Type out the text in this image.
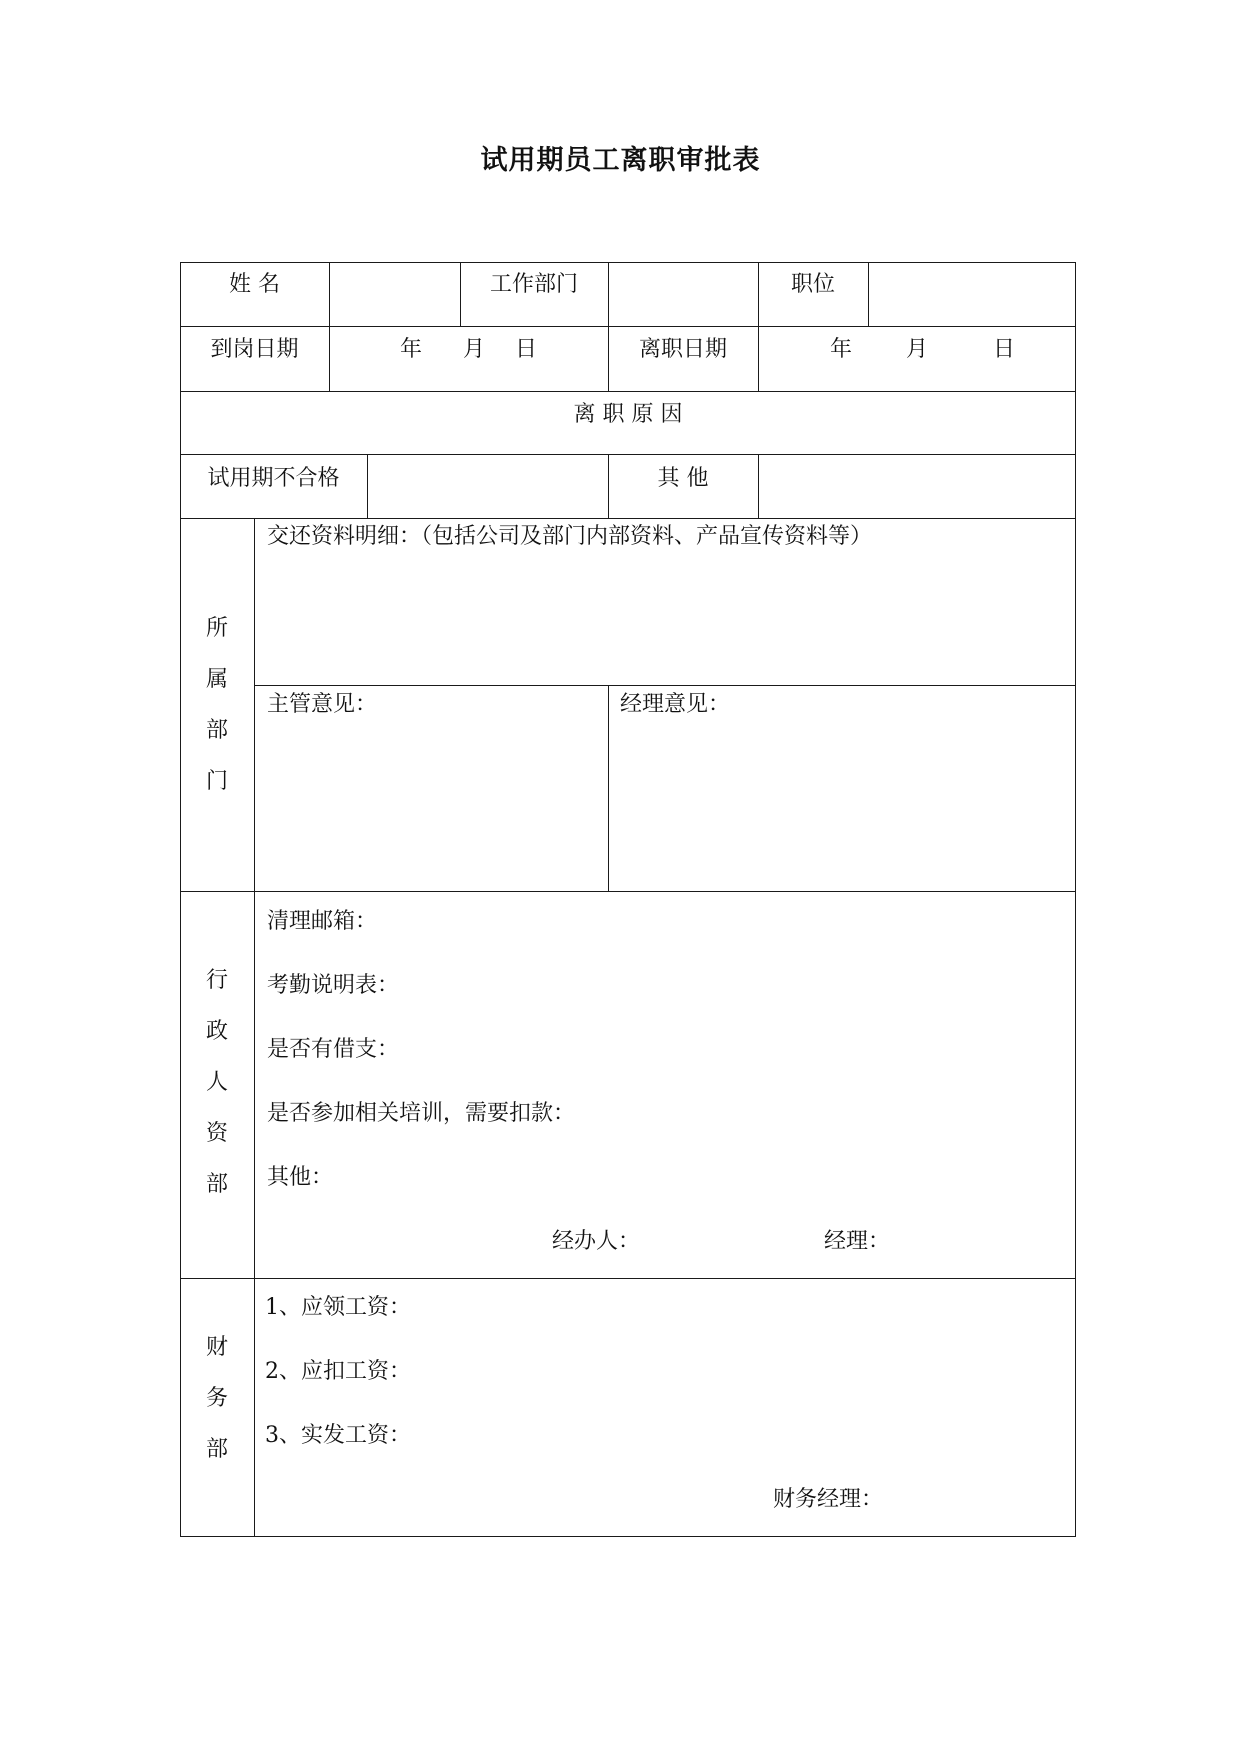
试用期员工离职审批表
姓 名	工作部门	职位
到岗日期	年 月 日	离职日期	年 月	日
离 职 原 因
试用期不合格	其 他
所
属
部
门
交还资料明细：（包括公司及部门内部资料、产品宣传资料等）
主管意见：	经理意见：
行
政
人
资
部
清理邮箱：
考勤说明表：
是否有借支：
是否参加相关培训，需要扣款：
其他：
经办人：	经理：
财
务
部
1、应领工资：
2、应扣工资：
3、实发工资：
财务经理：
